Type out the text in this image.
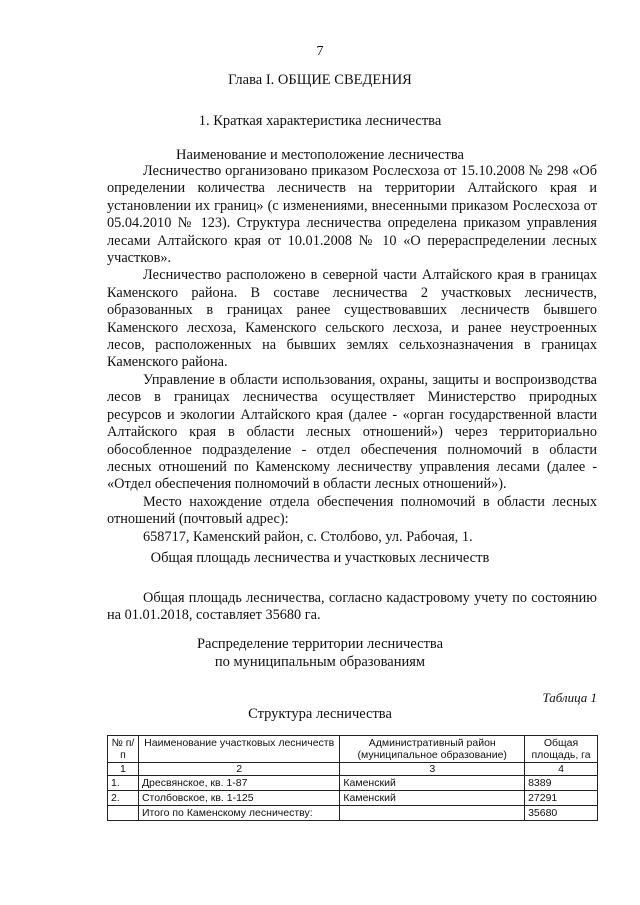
7
Глава I. ОБЩИЕ СВЕДЕНИЯ
1. Краткая характеристика лесничества
Наименование и местоположение лесничества

Лесничество организовано приказом Рослесхоза от 15.10.2008 № 298 «Об определении количества лесничеств на территории Алтайского края и установлении их границ» (с изменениями, внесенными приказом Рослесхоза от 05.04.2010 № 123). Структура лесничества определена приказом управления лесами Алтайского края от 10.01.2008 № 10 «О перераспределении лесных участков».

Лесничество расположено в северной части Алтайского края в границах Каменского района. В составе лесничества 2 участковых лесничеств, образованных в границах ранее существовавших лесничеств бывшего Каменского лесхоза, Каменского сельского лесхоза, и ранее неустроенных лесов, расположенных на бывших землях сельхозназначения в границах Каменского района.

Управление в области использования, охраны, защиты и воспроизводства лесов в границах лесничества осуществляет Министерство природных ресурсов и экологии Алтайского края (далее - «орган государственной власти Алтайского края в области лесных отношений») через территориально обособленное подразделение - отдел обеспечения полномочий в области лесных отношений по Каменскому лесничеству управления лесами (далее - «Отдел обеспечения полномочий в области лесных отношений»).

Место нахождение отдела обеспечения полномочий в области лесных отношений (почтовый адрес):

658717, Каменский район, с. Столбово, ул. Рабочая, 1.

Общая площадь лесничества и участковых лесничеств

Общая площадь лесничества, согласно кадастровому учету по состоянию на 01.01.2018, составляет 35680 га.

Распределение территории лесничества
по муниципальным образованиям
Таблица 1
Структура лесничества
№ п/п	Наименование участковых лесничеств	Административный район (муниципальное образование)	Общая площадь, га
1	2	3	4
1.	Дресвянское, кв. 1-87	Каменский	8389
2.	Столбовское, кв. 1-125	Каменский	27291
	Итого по Каменскому лесничеству:		35680
